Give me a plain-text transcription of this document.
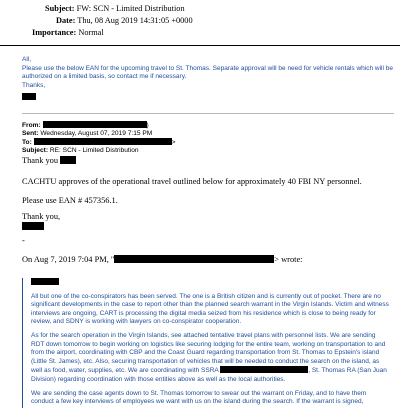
Subject: FW: SCN - Limited Distribution
Date: Thu, 08 Aug 2019 14:31:05 +0000
Importance: Normal

All,

Please use the below EAN for the upcoming travel to St. Thomas. Separate approval will be need for vehicle rentals which will be authorized on a limited basis, so contact me if necessary.

Thanks,

From:	)
Sent: Wednesday, August 07, 2019 7:15 PM
To:	>
Subject: RE: SCN - Limited Distribution
Thank you
CACHTU approves of the operational travel outlined below for approximately 40 FBI NY personnel.
Please use EAN # 457356.1.
Thank you,
-
On Aug 7, 2019 7:04 PM, "	> wrote:

All but one of the co-conspirators has been served. The one is a British citizen and is currently out of pocket. There are no significant developments in the case to report other than the planned search warrant in the Virgin Islands. Victim and witness interviews are ongoing, CART is processing the digital media seized from his residence which is close to being ready for review, and SDNY is working with lawyers on co-conspirator cooperation.

As for the search operation in the Virgin Islands, see attached tentative travel plans with personnel lists. We are sending RDT down tomorrow to begin working on logistics like securing lodging for the entire team, working on transportation to and from the airport, coordinating with CBP and the Coast Guard regarding transportation from St. Thomas to Epstein's island (Little St. James), etc. Also, securing transportation of vehicles that will be needed to conduct the search on the island, as well as food, water, supplies, etc. We are coordinating with SSRA	, St. Thomas RA (San Juan Division) regarding coordination with those entities above as well as the local authorities.

We are sending the case agents down to St. Thomas tomorrow to swear out the warrant on Friday, and to have them conduct a few key interviews of employees we want with us on the island during the search. If the warrant is signed,
